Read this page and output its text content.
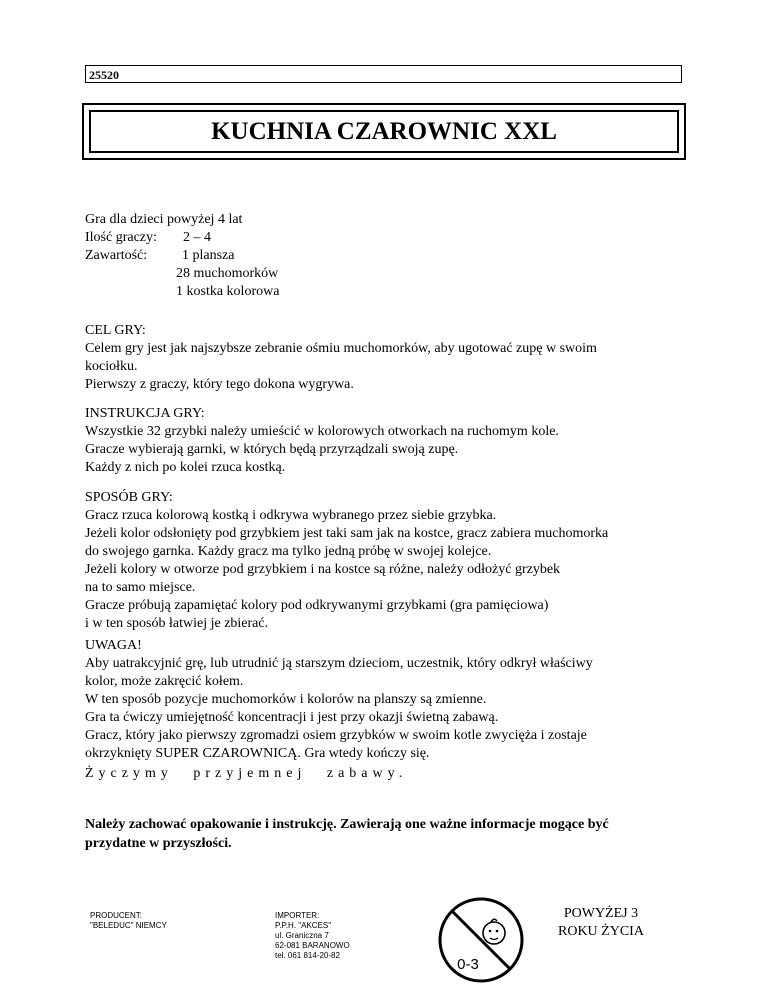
25520
KUCHNIA CZAROWNIC XXL
Gra dla dzieci powyżej 4 lat
Ilość graczy: 2 – 4
Zawartość: 1 plansza
28 muchomorków
1 kostka kolorowa

CEL GRY:

Celem gry jest jak najszybsze zebranie ośmiu muchomorków, aby ugotować zupę w swoim

kociołku.

Pierwszy z graczy, który tego dokona wygrywa.

INSTRUKCJA GRY:

Wszystkie 32 grzybki należy umieścić w kolorowych otworkach na ruchomym kole.

Gracze wybierają garnki, w których będą przyrządzali swoją zupę.

Każdy z nich po kolei rzuca kostką.

SPOSÓB GRY:

Gracz rzuca kolorową kostką i odkrywa wybranego przez siebie grzybka.

Jeżeli kolor odsłonięty pod grzybkiem jest taki sam jak na kostce, gracz zabiera muchomorka

do swojego garnka. Każdy gracz ma tylko jedną próbę w swojej kolejce.

Jeżeli kolory w otworze pod grzybkiem i na kostce są różne, należy odłożyć grzybek

na to samo miejsce.

Gracze próbują zapamiętać kolory pod odkrywanymi grzybkami (gra pamięciowa)

i w ten sposób łatwiej je zbierać.

UWAGA!

Aby uatrakcyjnić grę, lub utrudnić ją starszym dzieciom, uczestnik, który odkrył właściwy

kolor, może zakręcić kołem.

W ten sposób pozycje muchomorków i kolorów na planszy są zmienne.

Gra ta ćwiczy umiejętność koncentracji i jest przy okazji świetną zabawą.

Gracz, który jako pierwszy zgromadzi osiem grzybków w swoim kotle zwycięża i zostaje

okrzyknięty SUPER CZAROWNICĄ. Gra wtedy kończy się.

Życzymy przyjemnej zabawy.

Należy zachować opakowanie i instrukcję. Zawierają one ważne informacje mogące być

przydatne w przyszłości.

PRODUCENT:

"BELEDUC" NIEMCY

IMPORTER:

P.P.H. "AKCES"

ul. Graniczna 7

62-081 BARANOWO

tel. 061 814-20-82

0-3

POWYŻEJ 3

ROKU ŻYCIA
